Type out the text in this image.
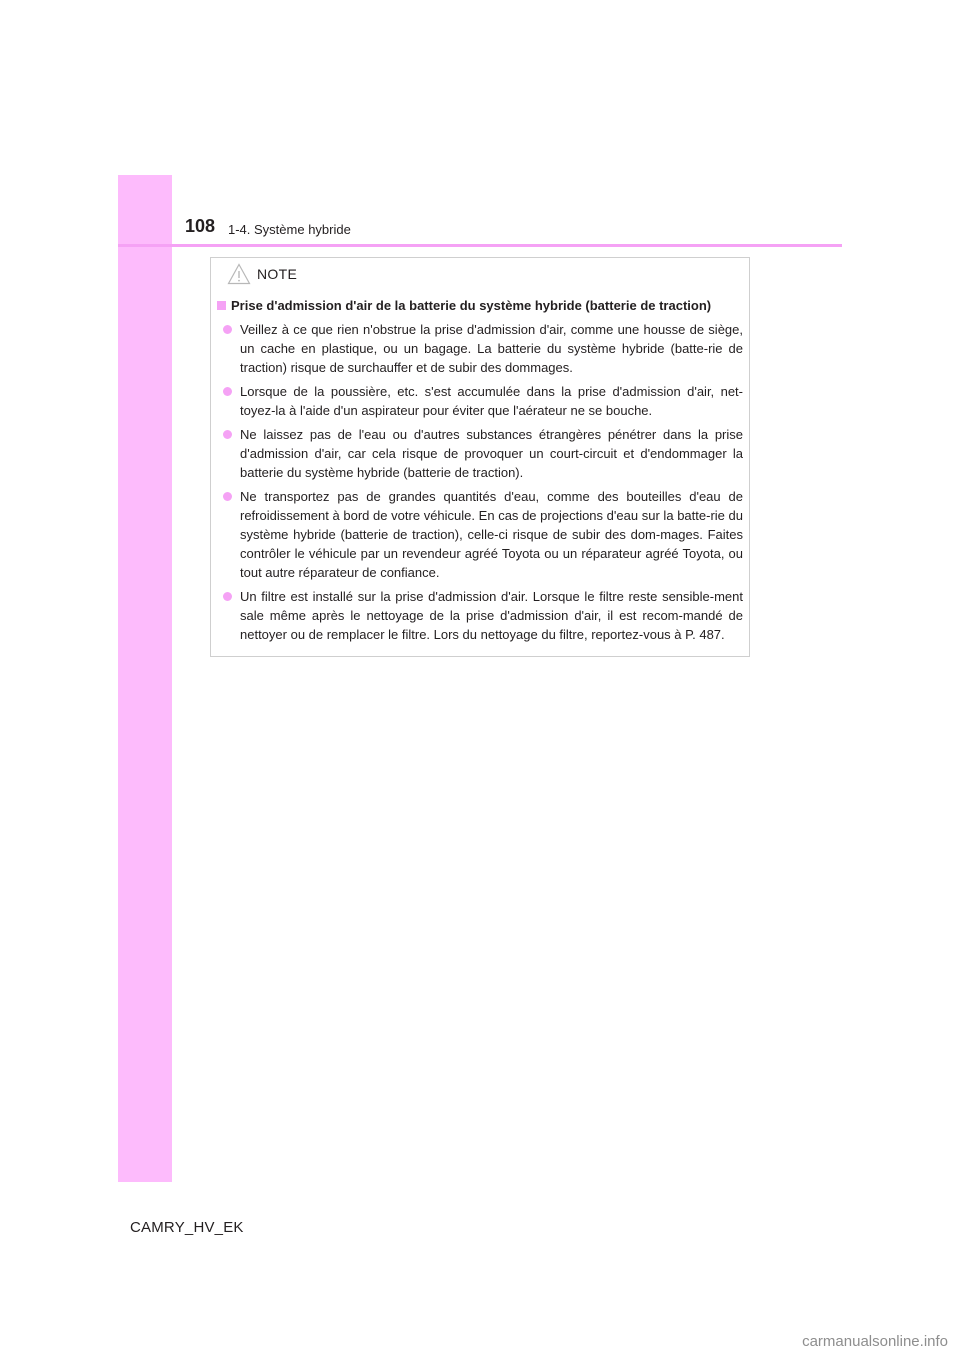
108 1-4. Système hybride
NOTE
Prise d'admission d'air de la batterie du système hybride (batterie de traction)
Veillez à ce que rien n'obstrue la prise d'admission d'air, comme une housse de siège, un cache en plastique, ou un bagage. La batterie du système hybride (batte-rie de traction) risque de surchauffer et de subir des dommages.
Lorsque de la poussière, etc. s'est accumulée dans la prise d'admission d'air, net-toyez-la à l'aide d'un aspirateur pour éviter que l'aérateur ne se bouche.
Ne laissez pas de l'eau ou d'autres substances étrangères pénétrer dans la prise d'admission d'air, car cela risque de provoquer un court-circuit et d'endommager la batterie du système hybride (batterie de traction).
Ne transportez pas de grandes quantités d'eau, comme des bouteilles d'eau de refroidissement à bord de votre véhicule. En cas de projections d'eau sur la batte-rie du système hybride (batterie de traction), celle-ci risque de subir des dom-mages. Faites contrôler le véhicule par un revendeur agréé Toyota ou un réparateur agréé Toyota, ou tout autre réparateur de confiance.
Un filtre est installé sur la prise d'admission d'air. Lorsque le filtre reste sensible-ment sale même après le nettoyage de la prise d'admission d'air, il est recom-mandé de nettoyer ou de remplacer le filtre. Lors du nettoyage du filtre, reportez-vous à P. 487.
CAMRY_HV_EK
carmanualsonline.info
